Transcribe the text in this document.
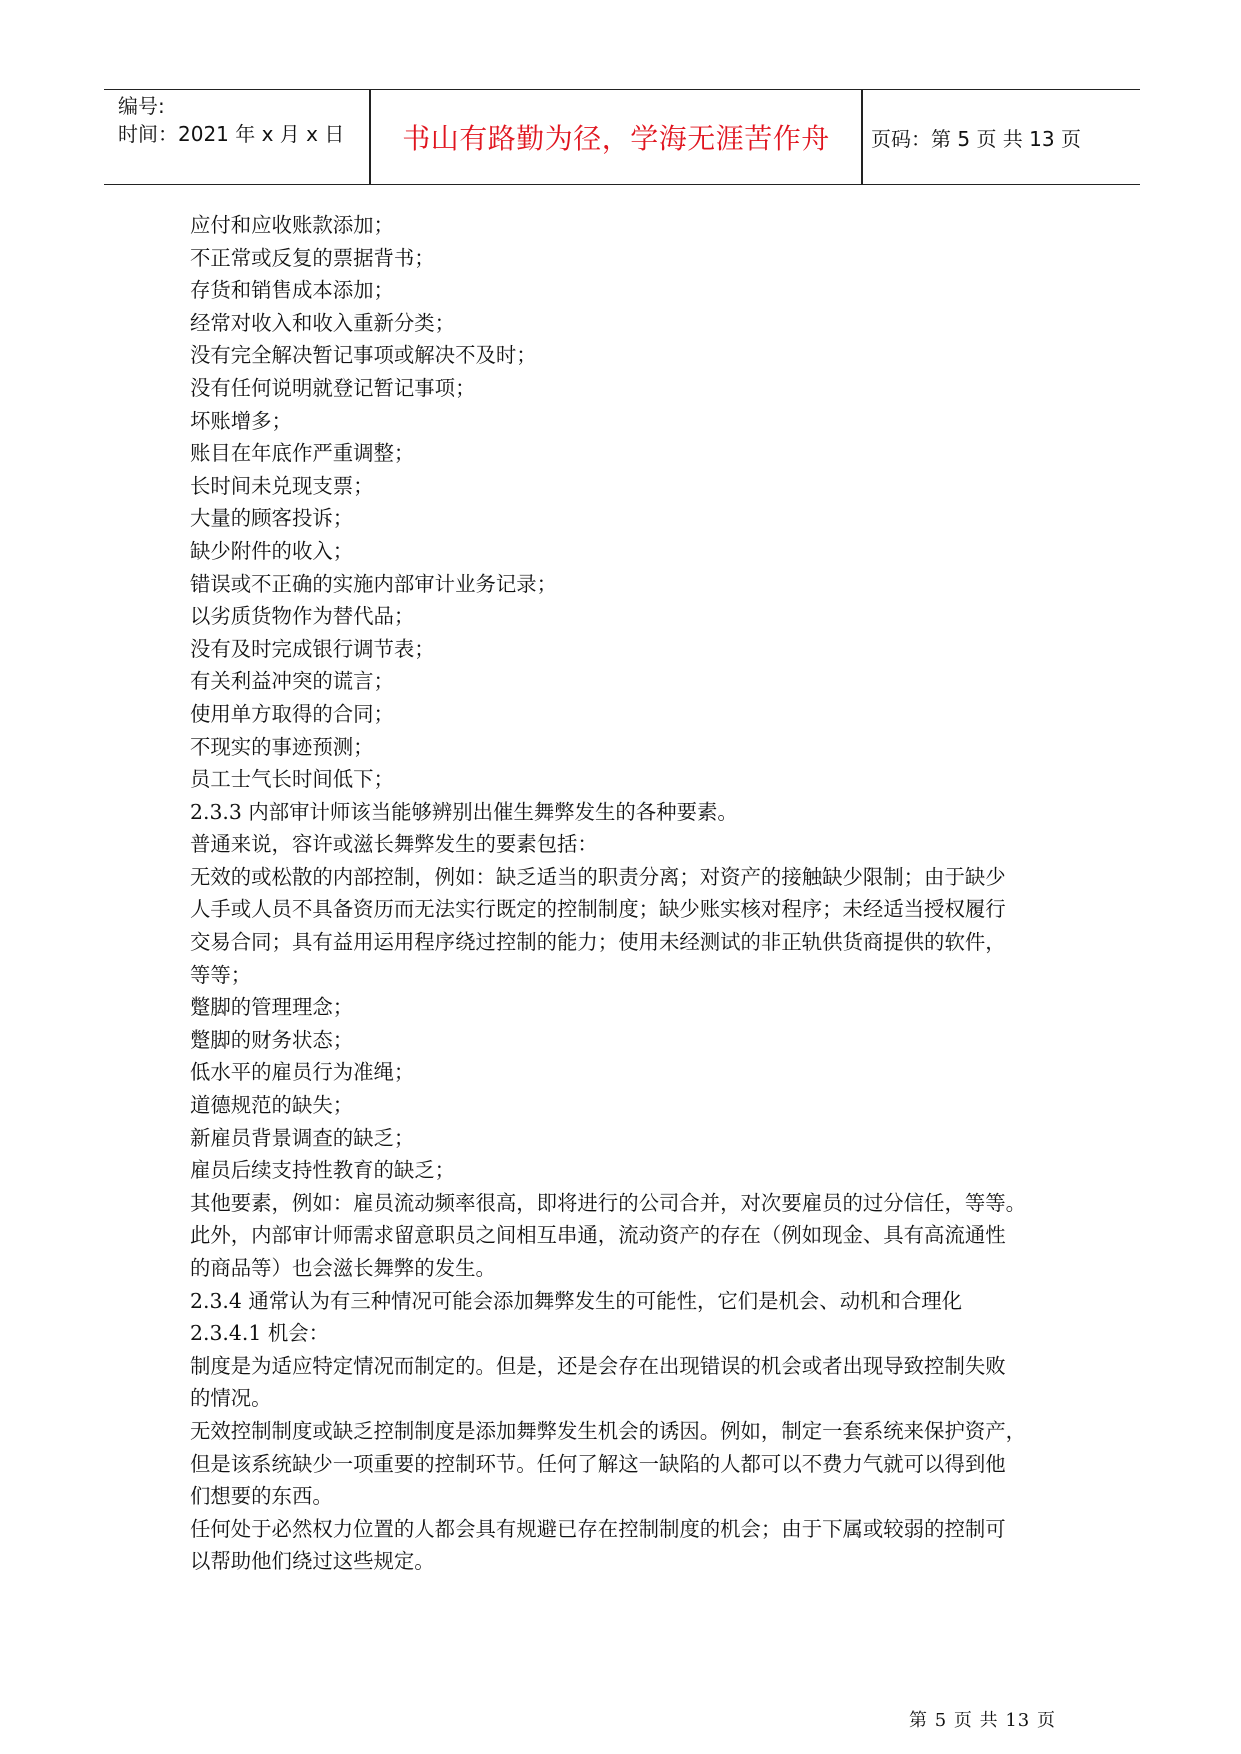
编号:
时间：2021 年 x 月 x 日	书山有路勤为径，学海无涯苦作舟	页码：第 5 页 共 13 页

应付和应收账款添加；

不正常或反复的票据背书；

存货和销售成本添加；

经常对收入和收入重新分类；

没有完全解决暂记事项或解决不及时；

没有任何说明就登记暂记事项；

坏账增多；

账目在年底作严重调整；

长时间未兑现支票；

大量的顾客投诉；

缺少附件的收入；

错误或不正确的实施内部审计业务记录；

以劣质货物作为替代品；

没有及时完成银行调节表；

有关利益冲突的谎言；

使用单方取得的合同；

不现实的事迹预测；

员工士气长时间低下；

2.3.3 内部审计师该当能够辨别出催生舞弊发生的各种要素。

普通来说，容许或滋长舞弊发生的要素包括：

无效的或松散的内部控制，例如：缺乏适当的职责分离；对资产的接触缺少限制；由于缺少

人手或人员不具备资历而无法实行既定的控制制度；缺少账实核对程序；未经适当授权履行

交易合同；具有益用运用程序绕过控制的能力；使用未经测试的非正轨供货商提供的软件，

等等；

蹩脚的管理理念；

蹩脚的财务状态；

低水平的雇员行为准绳；

道德规范的缺失；

新雇员背景调查的缺乏；

雇员后续支持性教育的缺乏；

其他要素，例如：雇员流动频率很高，即将进行的公司合并，对次要雇员的过分信任，等等。

此外，内部审计师需求留意职员之间相互串通，流动资产的存在（例如现金、具有高流通性

的商品等）也会滋长舞弊的发生。

2.3.4 通常认为有三种情况可能会添加舞弊发生的可能性，它们是机会、动机和合理化

2.3.4.1 机会：

制度是为适应特定情况而制定的。但是，还是会存在出现错误的机会或者出现导致控制失败

的情况。

无效控制制度或缺乏控制制度是添加舞弊发生机会的诱因。例如，制定一套系统来保护资产，

但是该系统缺少一项重要的控制环节。任何了解这一缺陷的人都可以不费力气就可以得到他

们想要的东西。

任何处于必然权力位置的人都会具有规避已存在控制制度的机会；由于下属或较弱的控制可

以帮助他们绕过这些规定。

第 5 页 共 13 页
